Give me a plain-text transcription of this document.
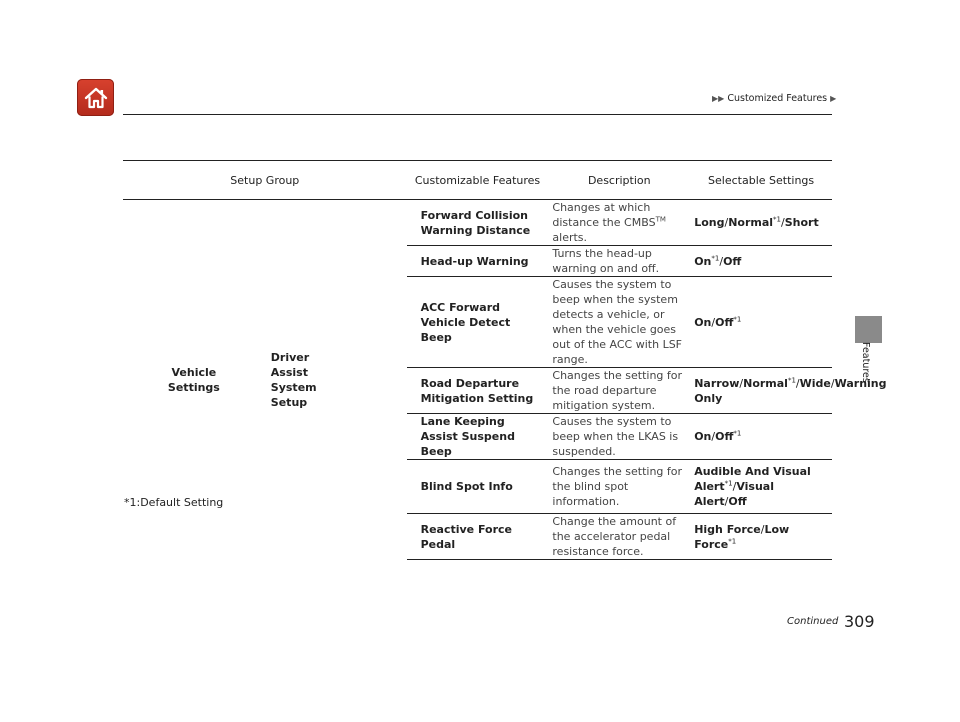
▶▶ Customized Features ▶
Features
Setup Group		Customizable Features	Description	Selectable Settings

Vehicle Settings	Driver Assist System Setup	Forward Collision Warning Distance	Changes at which distance the CMBS™ alerts.	Long/Normal$^{*1}$/Short
		Head-up Warning	Turns the head-up warning on and off.	On$^{*1}$/Off
		ACC Forward Vehicle Detect Beep	Causes the system to beep when the system detects a vehicle, or when the vehicle goes out of the ACC with LSF range.	On/Off$^{*1}$
		Road Departure Mitigation Setting	Changes the setting for the road departure mitigation system.	Narrow/Normal$^{*1}$/Wide/Warning Only
		Lane Keeping Assist Suspend Beep	Causes the system to beep when the LKAS is suspended.	On/Off$^{*1}$
		Blind Spot Info	Changes the setting for the blind spot information.	Audible And Visual Alert$^{*1}$/Visual Alert/Off
		Reactive Force Pedal	Change the amount of the accelerator pedal resistance force.	High Force/Low Force$^{*1}$
*1:Default Setting
Continued 309
